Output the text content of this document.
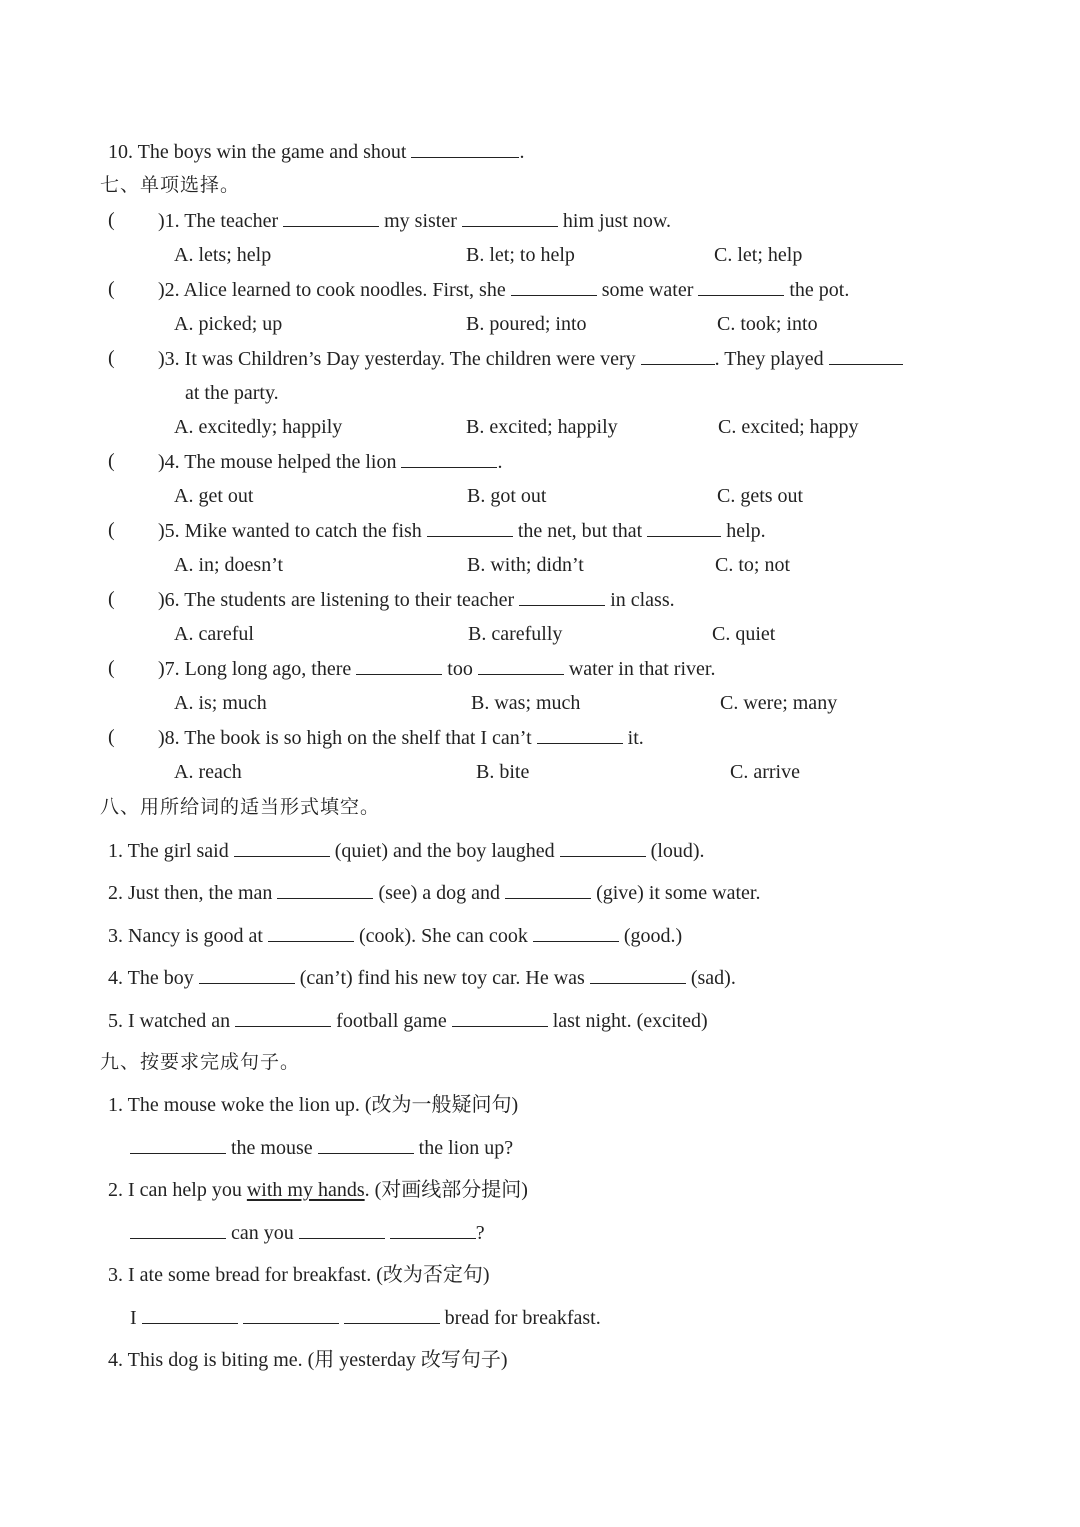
10. The boys win the game and shout	.
七、单项选择。
( )1. The teacher	my sister	him just now.
A. lets; help	B. let; to help	C. let; help
( )2. Alice learned to cook noodles. First, she	some water	the pot.
A. picked; up	B. poured; into	C. took; into
( )3. It was Children’s Day yesterday. The children were very	. They played
at the party.
A. excitedly; happily	B. excited; happily	C. excited; happy
( )4. The mouse helped the lion	.
A. get out	B. got out	C. gets out
( )5. Mike wanted to catch the fish	the net, but that	help.
A. in; doesn’t	B. with; didn’t	C. to; not
( )6. The students are listening to their teacher	in class.
A. careful	B. carefully	C. quiet
( )7. Long long ago, there	too	water in that river.
A. is; much	B. was; much	C. were; many
( )8. The book is so high on the shelf that I can’t	it.
A. reach	B. bite	C. arrive
八、用所给词的适当形式填空。
1. The girl said	(quiet) and the boy laughed	(loud).
2. Just then, the man	(see) a dog and	(give) it some water.
3. Nancy is good at	(cook). She can cook	(good.)
4. The boy	(can’t) find his new toy car. He was	(sad).
5. I watched an	football game	last night. (excited)
九、按要求完成句子。
1. The mouse woke the lion up. (改为一般疑问句)
the mouse	the lion up?
2. I can help you with my hands. (对画线部分提问)
can you	?
3. I ate some bread for breakfast. (改为否定句)
I	bread for breakfast.
4. This dog is biting me. (用 yesterday 改写句子)
